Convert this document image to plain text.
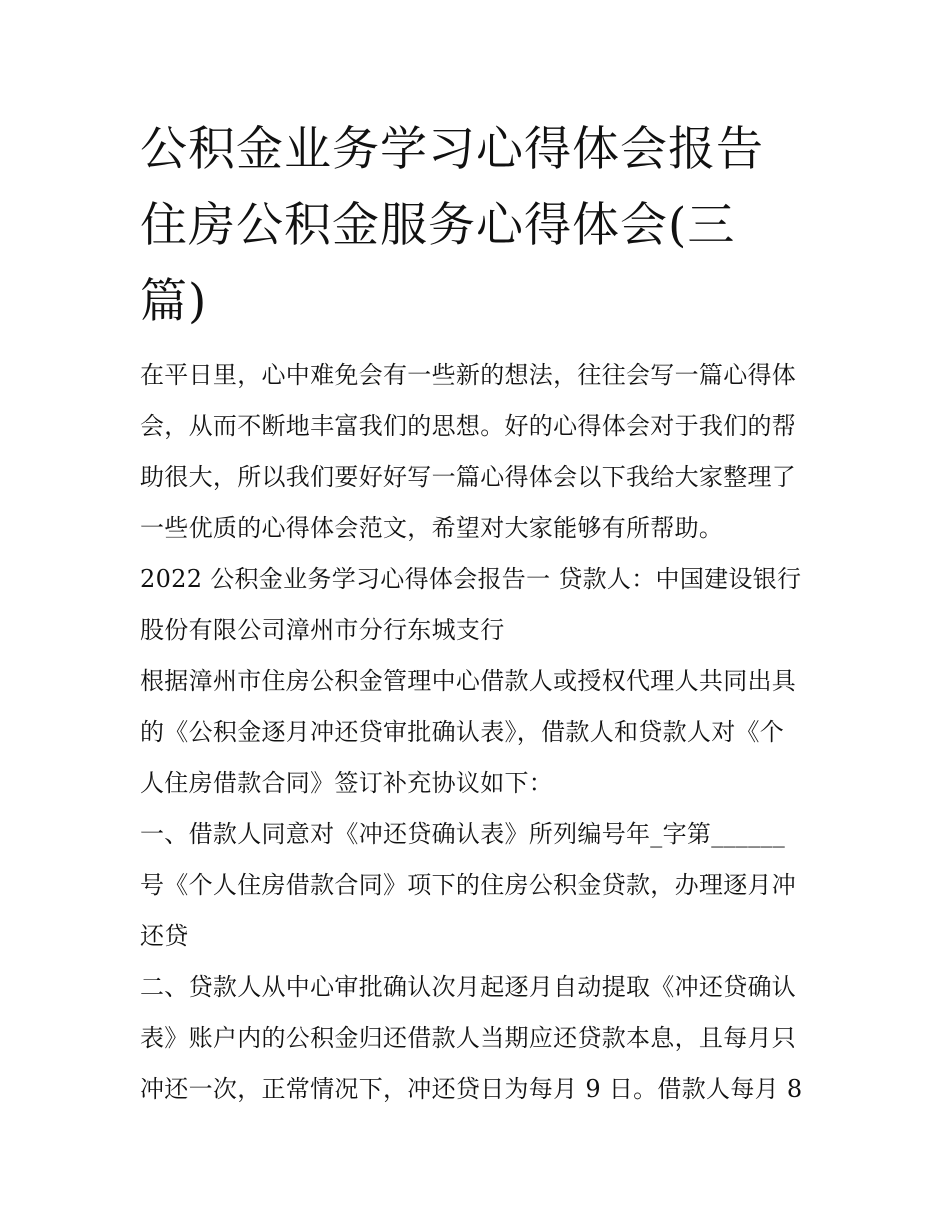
公积金业务学习心得体会报告
住房公积金服务心得体会(三
篇)
在平日里，心中难免会有一些新的想法，往往会写一篇心得体
会，从而不断地丰富我们的思想。好的心得体会对于我们的帮
助很大，所以我们要好好写一篇心得体会以下我给大家整理了
一些优质的心得体会范文，希望对大家能够有所帮助。
2022 公积金业务学习心得体会报告一 贷款人：中国建设银行
股份有限公司漳州市分行东城支行
根据漳州市住房公积金管理中心借款人或授权代理人共同出具
的《公积金逐月冲还贷审批确认表》，借款人和贷款人对《个
人住房借款合同》签订补充协议如下：
一、借款人同意对《冲还贷确认表》所列编号年_字第______
号《个人住房借款合同》项下的住房公积金贷款，办理逐月冲
还贷
二、贷款人从中心审批确认次月起逐月自动提取《冲还贷确认
表》账户内的公积金归还借款人当期应还贷款本息，且每月只
冲还一次，正常情况下，冲还贷日为每月 9 日。借款人每月 8
